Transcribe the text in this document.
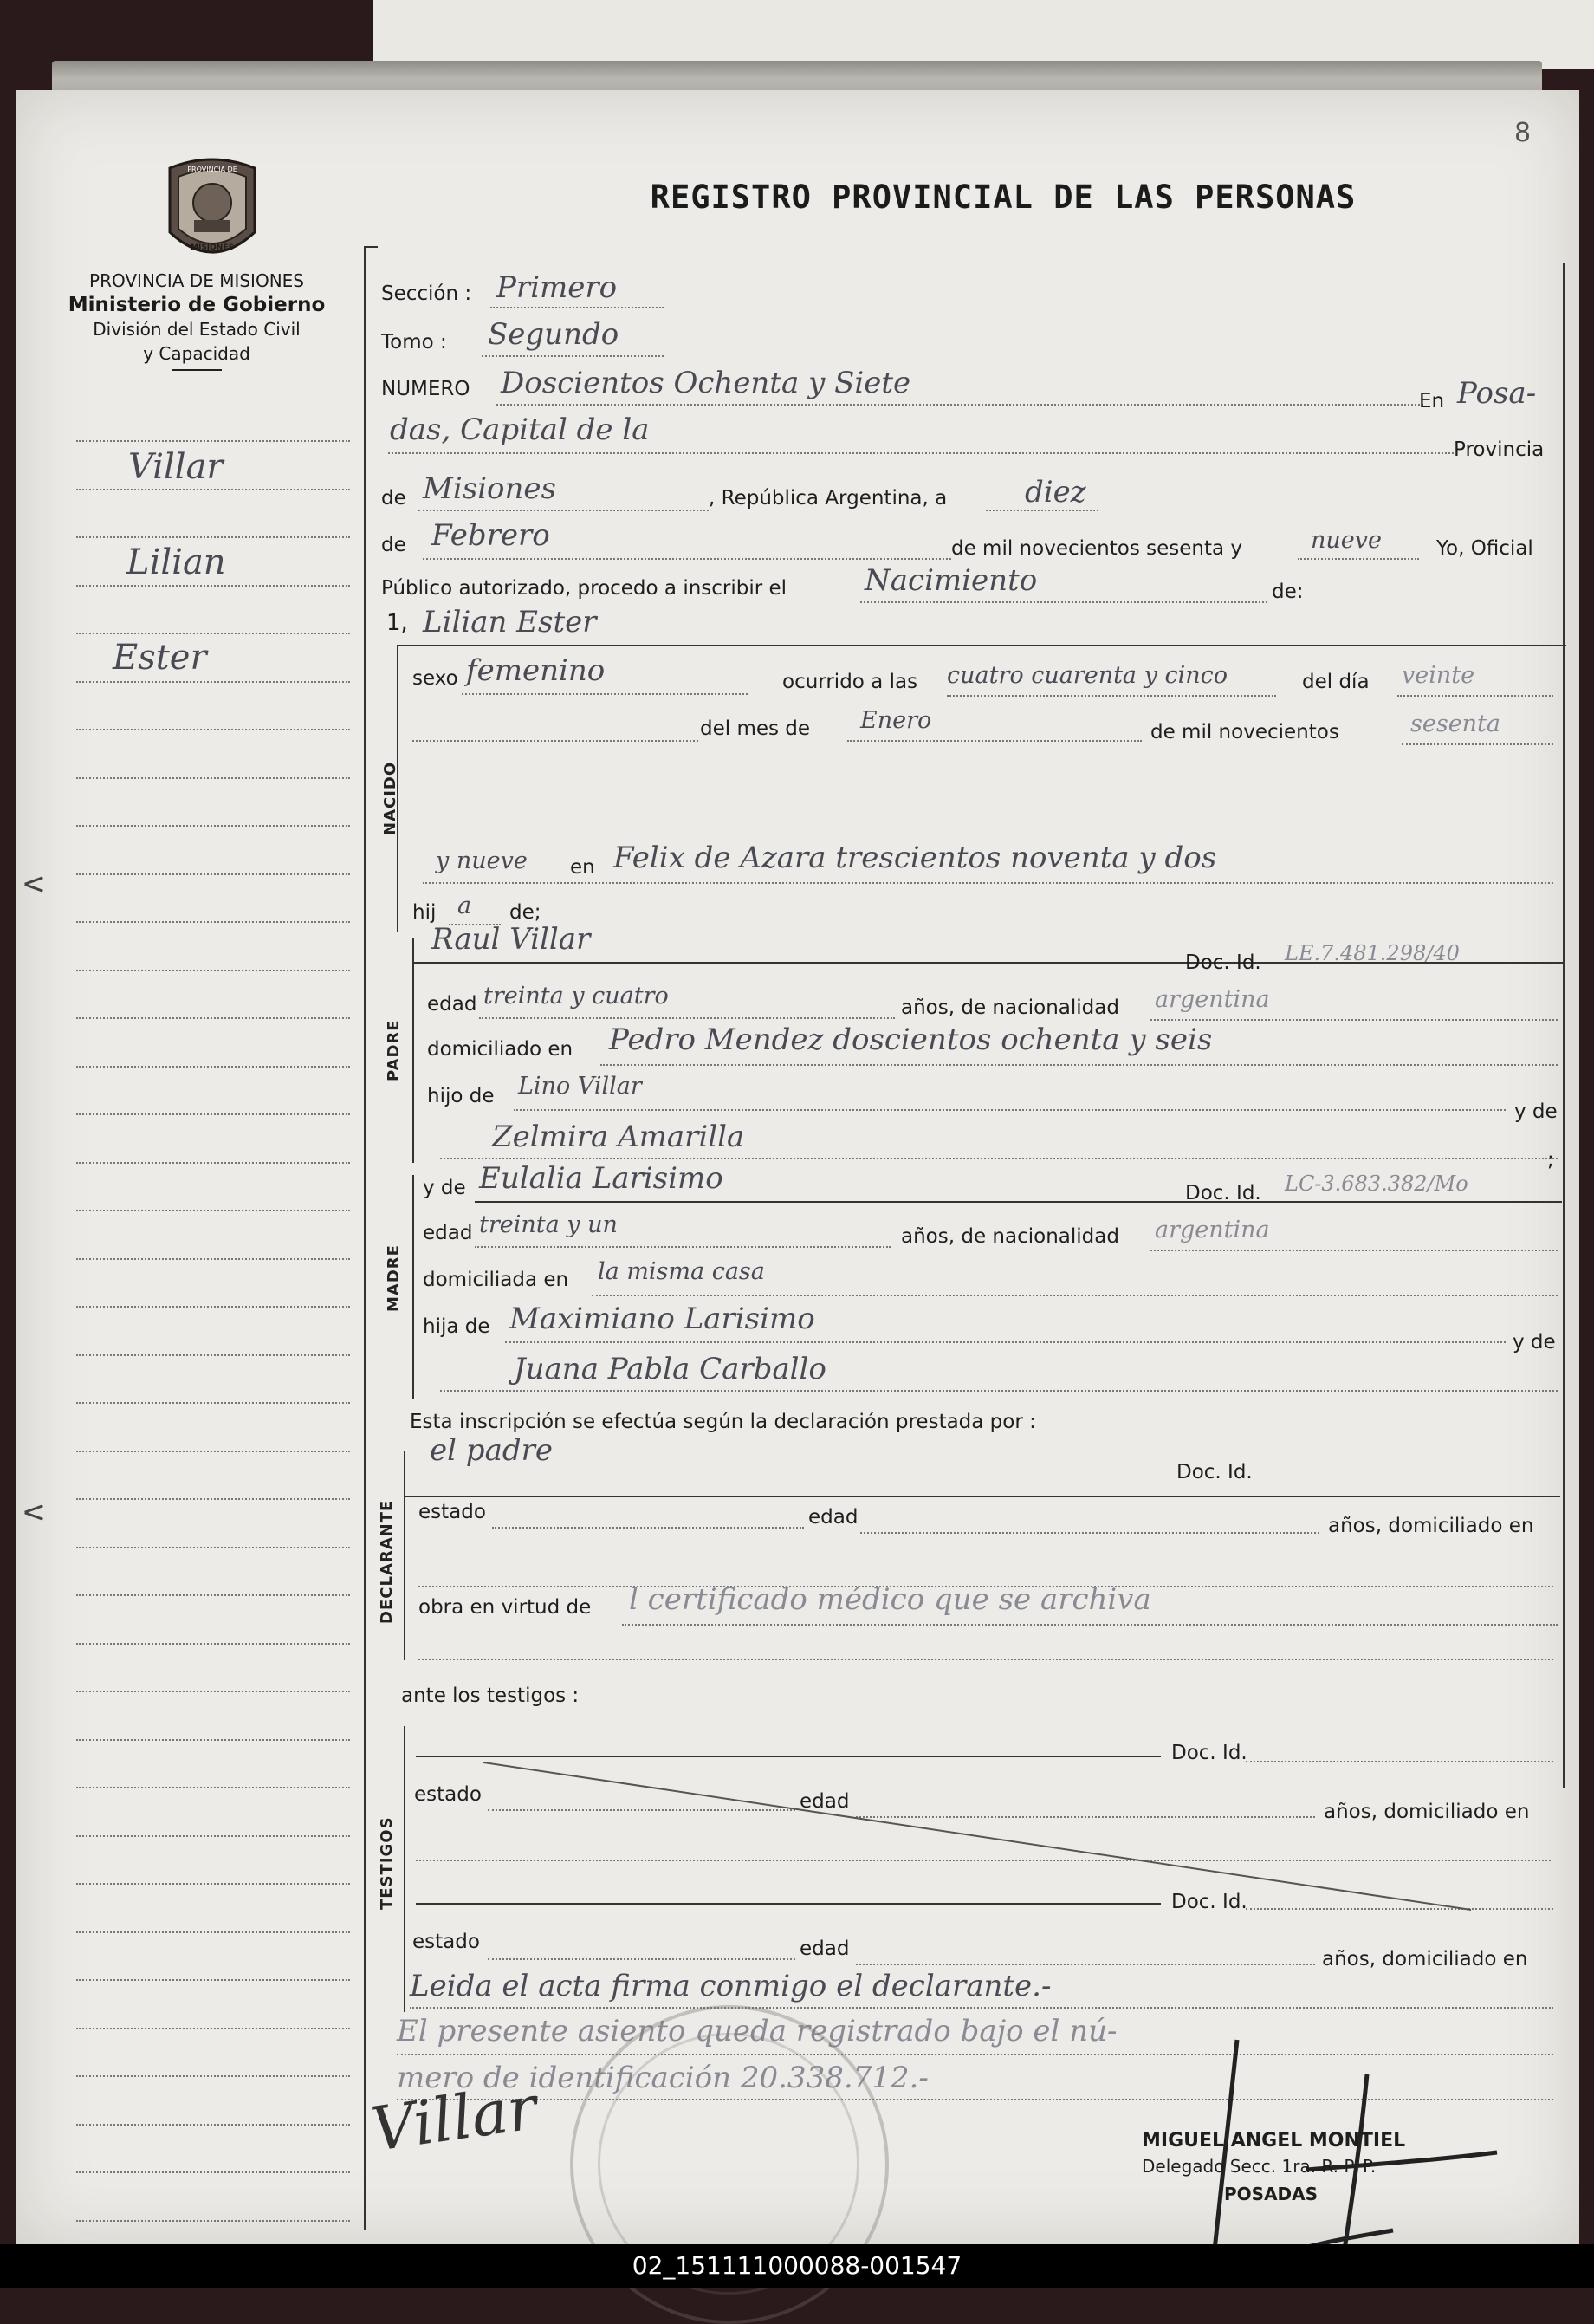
8
PROVINCIA DE
MISIONES
REGISTRO PROVINCIAL DE LAS PERSONAS
PROVINCIA DE MISIONES
Ministerio de Gobierno
División del Estado Civil
y Capacidad
Villar
Lilian
Ester
Sección : Primero
Tomo : Segundo
NUMERO Doscientos Ochenta y Siete
En Posa-
das, Capital de la
Provincia
de Misiones	, República Argentina, a	diez
de Febrero	de mil novecientos sesenta y	nueve	Yo, Oficial
Público autorizado, procedo a inscribir el	Nacimiento	de:
1, Lilian Ester
NACIDO
sexo femenino	ocurrido a las cuatro cuarenta y cinco	del día veinte
del mes de Enero	de mil novecientos	sesenta
y nueve en Felix de Azara trescientos noventa y dos
hij a de;
Raul Villar
PADRE
Doc. Id. LE.7.481.298/40
edad treinta y cuatro	años, de nacionalidad argentina
domiciliado en Pedro Mendez doscientos ochenta y seis
hijo de Lino Villar
y de
Zelmira Amarilla
;
MADRE
y de Eulalia Larisimo	Doc. Id. LC-3.683.382/Mo
edad treinta y un	años, de nacionalidad argentina
domiciliada en la misma casa
hija de Maximiano Larisimo
y de
Juana Pabla Carballo
Esta inscripción se efectúa según la declaración prestada por :
el padre
DECLARANTE
Doc. Id.
estado	edad	años, domiciliado en
obra en virtud de l certificado médico que se archiva
ante los testigos :
TESTIGOS
Doc. Id.
estado	edad	años, domiciliado en
Doc. Id.
estado	edad	años, domiciliado en
Leida el acta firma conmigo el declarante.-
El presente asiento queda registrado bajo el nú-
mero de identificación 20.338.712.-
Villar	MIGUEL ANGEL MONTIEL
Delegado Secc. 1ra. R. P. P.
POSADAS
02_151111000088-001547
